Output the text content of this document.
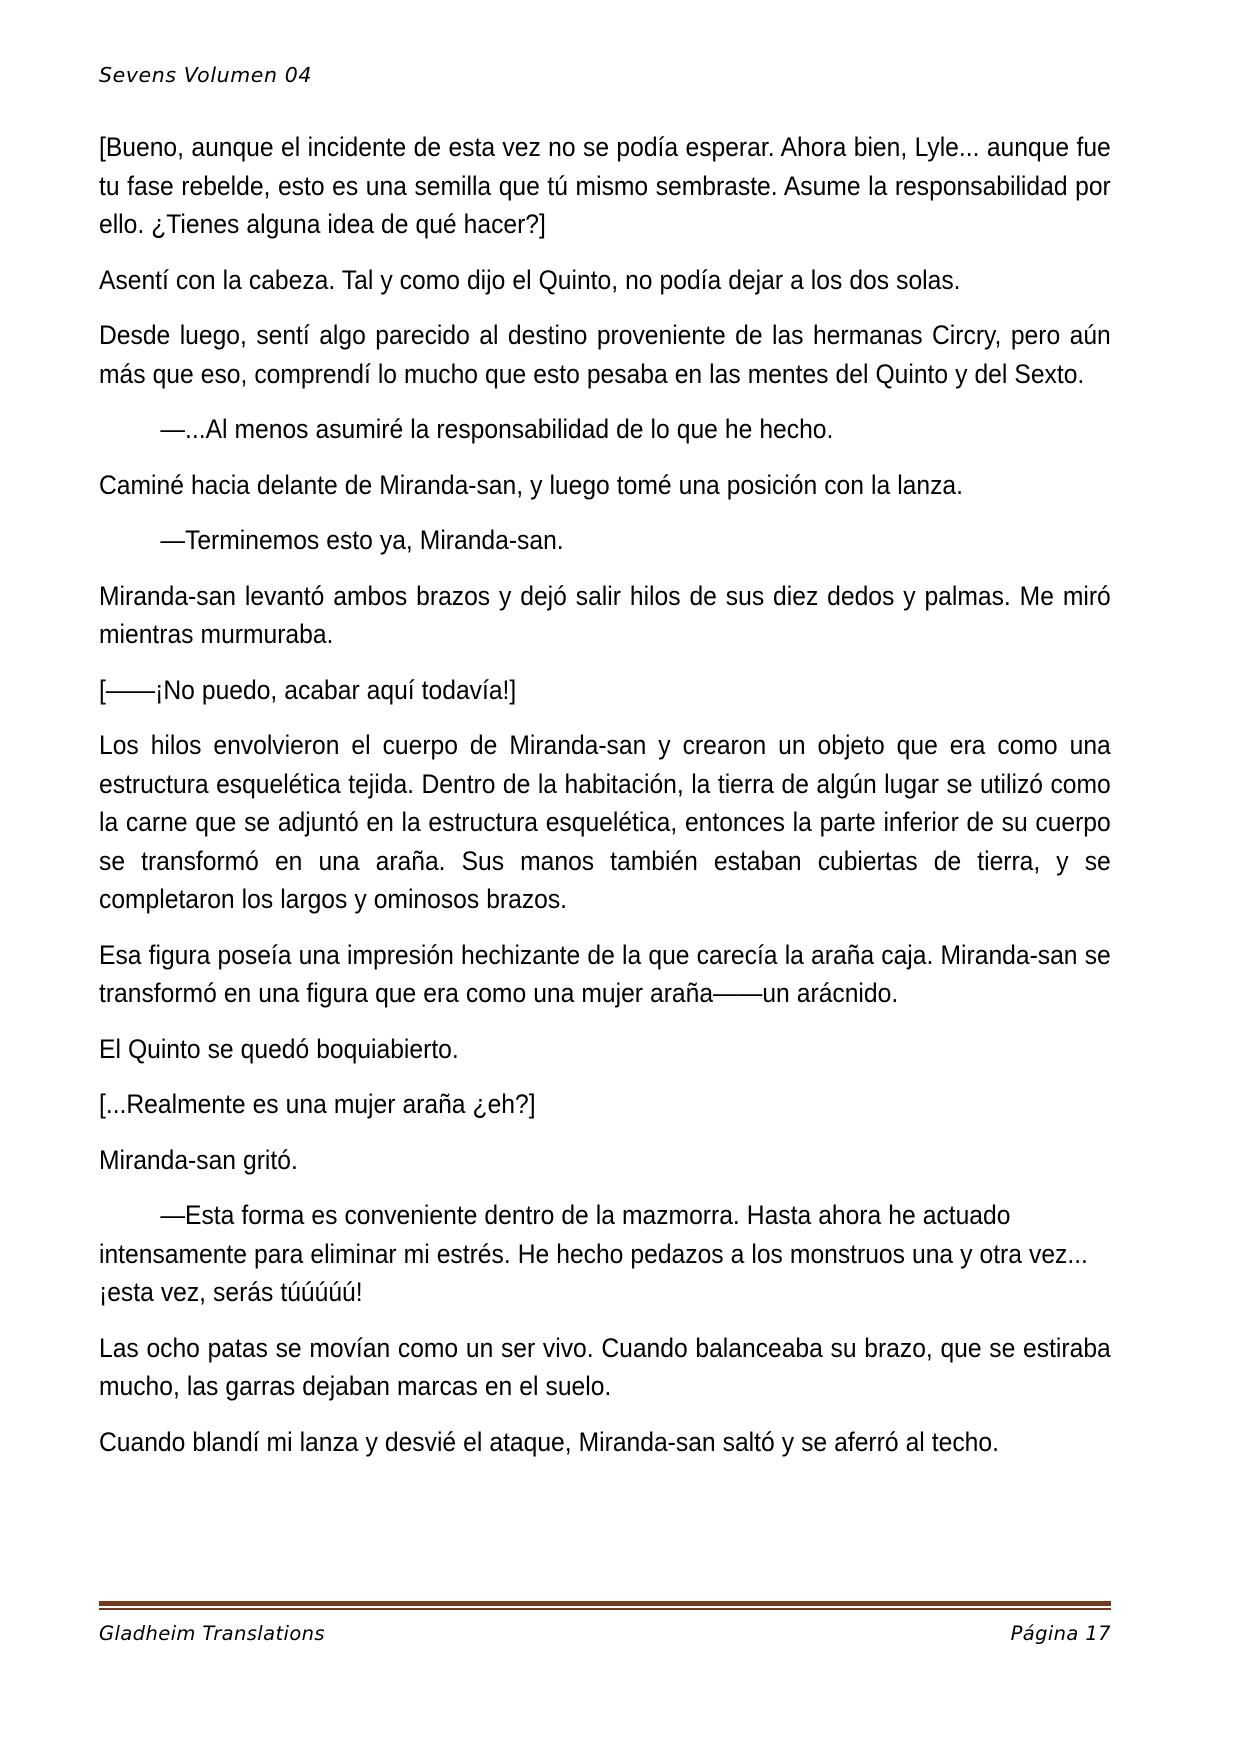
Sevens Volumen 04

[Bueno, aunque el incidente de esta vez no se podía esperar. Ahora bien, Lyle... aunque fue tu fase rebelde, esto es una semilla que tú mismo sembraste. Asume la responsabilidad por ello. ¿Tienes alguna idea de qué hacer?]

Asentí con la cabeza. Tal y como dijo el Quinto, no podía dejar a los dos solas.

Desde luego, sentí algo parecido al destino proveniente de las hermanas Circry, pero aún más que eso, comprendí lo mucho que esto pesaba en las mentes del Quinto y del Sexto.

—...Al menos asumiré la responsabilidad de lo que he hecho.

Caminé hacia delante de Miranda-san, y luego tomé una posición con la lanza.

—Terminemos esto ya, Miranda-san.

Miranda-san levantó ambos brazos y dejó salir hilos de sus diez dedos y palmas. Me miró mientras murmuraba.

[——¡No puedo, acabar aquí todavía!]

Los hilos envolvieron el cuerpo de Miranda-san y crearon un objeto que era como una estructura esquelética tejida. Dentro de la habitación, la tierra de algún lugar se utilizó como la carne que se adjuntó en la estructura esquelética, entonces la parte inferior de su cuerpo se transformó en una araña. Sus manos también estaban cubiertas de tierra, y se completaron los largos y ominosos brazos.

Esa figura poseía una impresión hechizante de la que carecía la araña caja. Miranda-san se transformó en una figura que era como una mujer araña——un arácnido.

El Quinto se quedó boquiabierto.

[...Realmente es una mujer araña ¿eh?]

Miranda-san gritó.

—Esta forma es conveniente dentro de la mazmorra. Hasta ahora he actuado intensamente para eliminar mi estrés. He hecho pedazos a los monstruos una y otra vez... ¡esta vez, serás túúúúú!

Las ocho patas se movían como un ser vivo. Cuando balanceaba su brazo, que se estiraba mucho, las garras dejaban marcas en el suelo.

Cuando blandí mi lanza y desvié el ataque, Miranda-san saltó y se aferró al techo.

Gladheim Translations	Página 17
